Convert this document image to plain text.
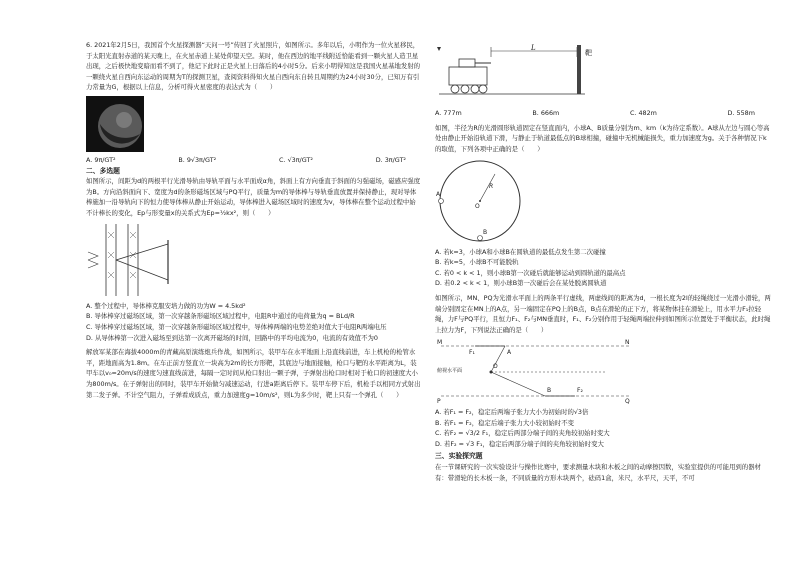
6. 2021年2月5日，我国首个火星探测器“天问一号”传回了火星照片，如图所示。多年以后，小明作为一位火星移民，于太阳光直射赤道的某天晚上，在火星赤道上某处仰望天空。某时，他在西边的地平线附近恰能看到一颗火星人造卫星出现，之后极快地变暗而看不到了，他记下此时正是火星上日落后的4小时5分。后来小明得知这是我国火星基地发射的一颗绕火星自西向东运动的周期为T的探测卫星，查阅资料得知火星自西向东自转且周期约为24小时30分，已知万有引力常量为G，根据以上信息，分析可得火星密度的表达式为（　　）

A. 9π/GT²	B. 9√3π/GT²	C. √3π/GT²	D. 3π/GT²

二、多选题

如图所示，间距为d的两根平行光滑导轨由导轨平面与水平面成α角，斜面上有方向垂直于斜面的匀强磁场，磁感应强度为B。方向沿斜面向下、宽度为d的条形磁场区域与PQ平行，质量为m的导体棒与导轨垂直放置并保持静止，现对导体棒施加一沿导轨向下的恒力使导体棒从静止开始运动，导体棒进入磁场区域时的速度为v，导体棒在整个运动过程中始 　　

不计棒长的变化，Ep与形变量x的关系式为Ep=½kx²，则（　　）

A. 整个过程中，导体棒克服安培力做的功为W = 4.5kd²
B. 导体棒穿过磁场区域，第一次穿越条形磁场区域过程中，电阻R中通过的电荷量为q = BLd/R
C. 导体棒穿过磁场区域，第一次穿越条形磁场区域过程中，导体棒两端的电势差绝对值大于电阻R两端电压
D. 从导体棒第一次进入磁场至到达第一次离开磁场的时间，回路中的平均电流为0，电流的有效值不为0

解放军某部在海拔4000m的青藏高原演练炮兵作战，如图所示，装甲车在水平地面上沿直线前进，车上机枪的枪管水平，距地面高为1.8m。在车正前方竖直立一块高为2m的长方形靶，其底边与地面接触，枪口与靶的水平距离为L，装甲车以v₀=20m/s的速度匀速直线前进，每隔一定时间从枪口射出一颗子弹，子弹射出枪口时相对于枪口的初速度大小为800m/s。在子弹射出的同时，装甲车开始做匀减速运动，行进a距离后停下。装甲车停下后，机枪手以相同方式射出第二发子弹。不计空气阻力，子弹看成质点，重力加速度g=10m/s²，则L为多少时，靶上只有一个弹孔（　　）

L
靶
A. 777m	B. 666m	C. 482m	D. 558m

如图，半径为R的光滑圆形轨道固定在竖直面内，小球A、B质量分别为m、km（k为待定系数）。A球从左边与圆心等高处由静止开始沿轨道下滑，与静止于轨道最低点的B球相撞，碰撞中无机械能损失，重力加速度为g。关于各种情况下k的取值，下列各项中正确的是（　　）

A
B
O
R
A. 若k=3，小球A和小球B在圆轨道的最低点发生第二次碰撞
B. 若k=5，小球B不可能脱轨
C. 若0 < k < 1，则小球B第一次碰后就能够运动到圆轨道的最高点
D. 若0.2 < k < 1，则小球B第一次碰后会在某处脱离圆轨道

如图所示，MN、PQ为光滑水平面上的两条平行虚线，两虚线间的距离为d，一根长度为2l的轻绳绕过一光滑小滑轮，两端分别固定在MN上的A点，另一端固定在PQ上的B点，B点在滑轮的正下方，将某物体挂在滑轮上，用水平力F₁拉轻绳，力F与PQ平行，且恒力F₁、F₂与MN垂直时，F₁、F₂分别作用于轻绳两端拉伸到如图所示位置处于平衡状态，此时绳上拉力为F，下列说法正确的是（　　）

M	N
P	Q
A
B
O
F₁
F₂
俯视水平面
A. 若F₁ = F₂，稳定后两端子张力大小为初始时的√3倍
B. 若F₁ = F₂，稳定后端子张力大小较初始时不变
C. 若F₂ = √3/2 F₁，稳定后两部分端子间的夹角较初始时变大
D. 若F₂ = √3 F₁，稳定后两部分端子间的夹角较初始时变大

三、实验探究题

在一节课研究的一次实验设计与操作比赛中，要求测量木块和木板之间的动摩擦因数，实验室提供的可能用到的器材有：带滑轮的长木板一条，不同质量的方形木块两个，砝码1盒，米尺，水平尺，天平，不可
